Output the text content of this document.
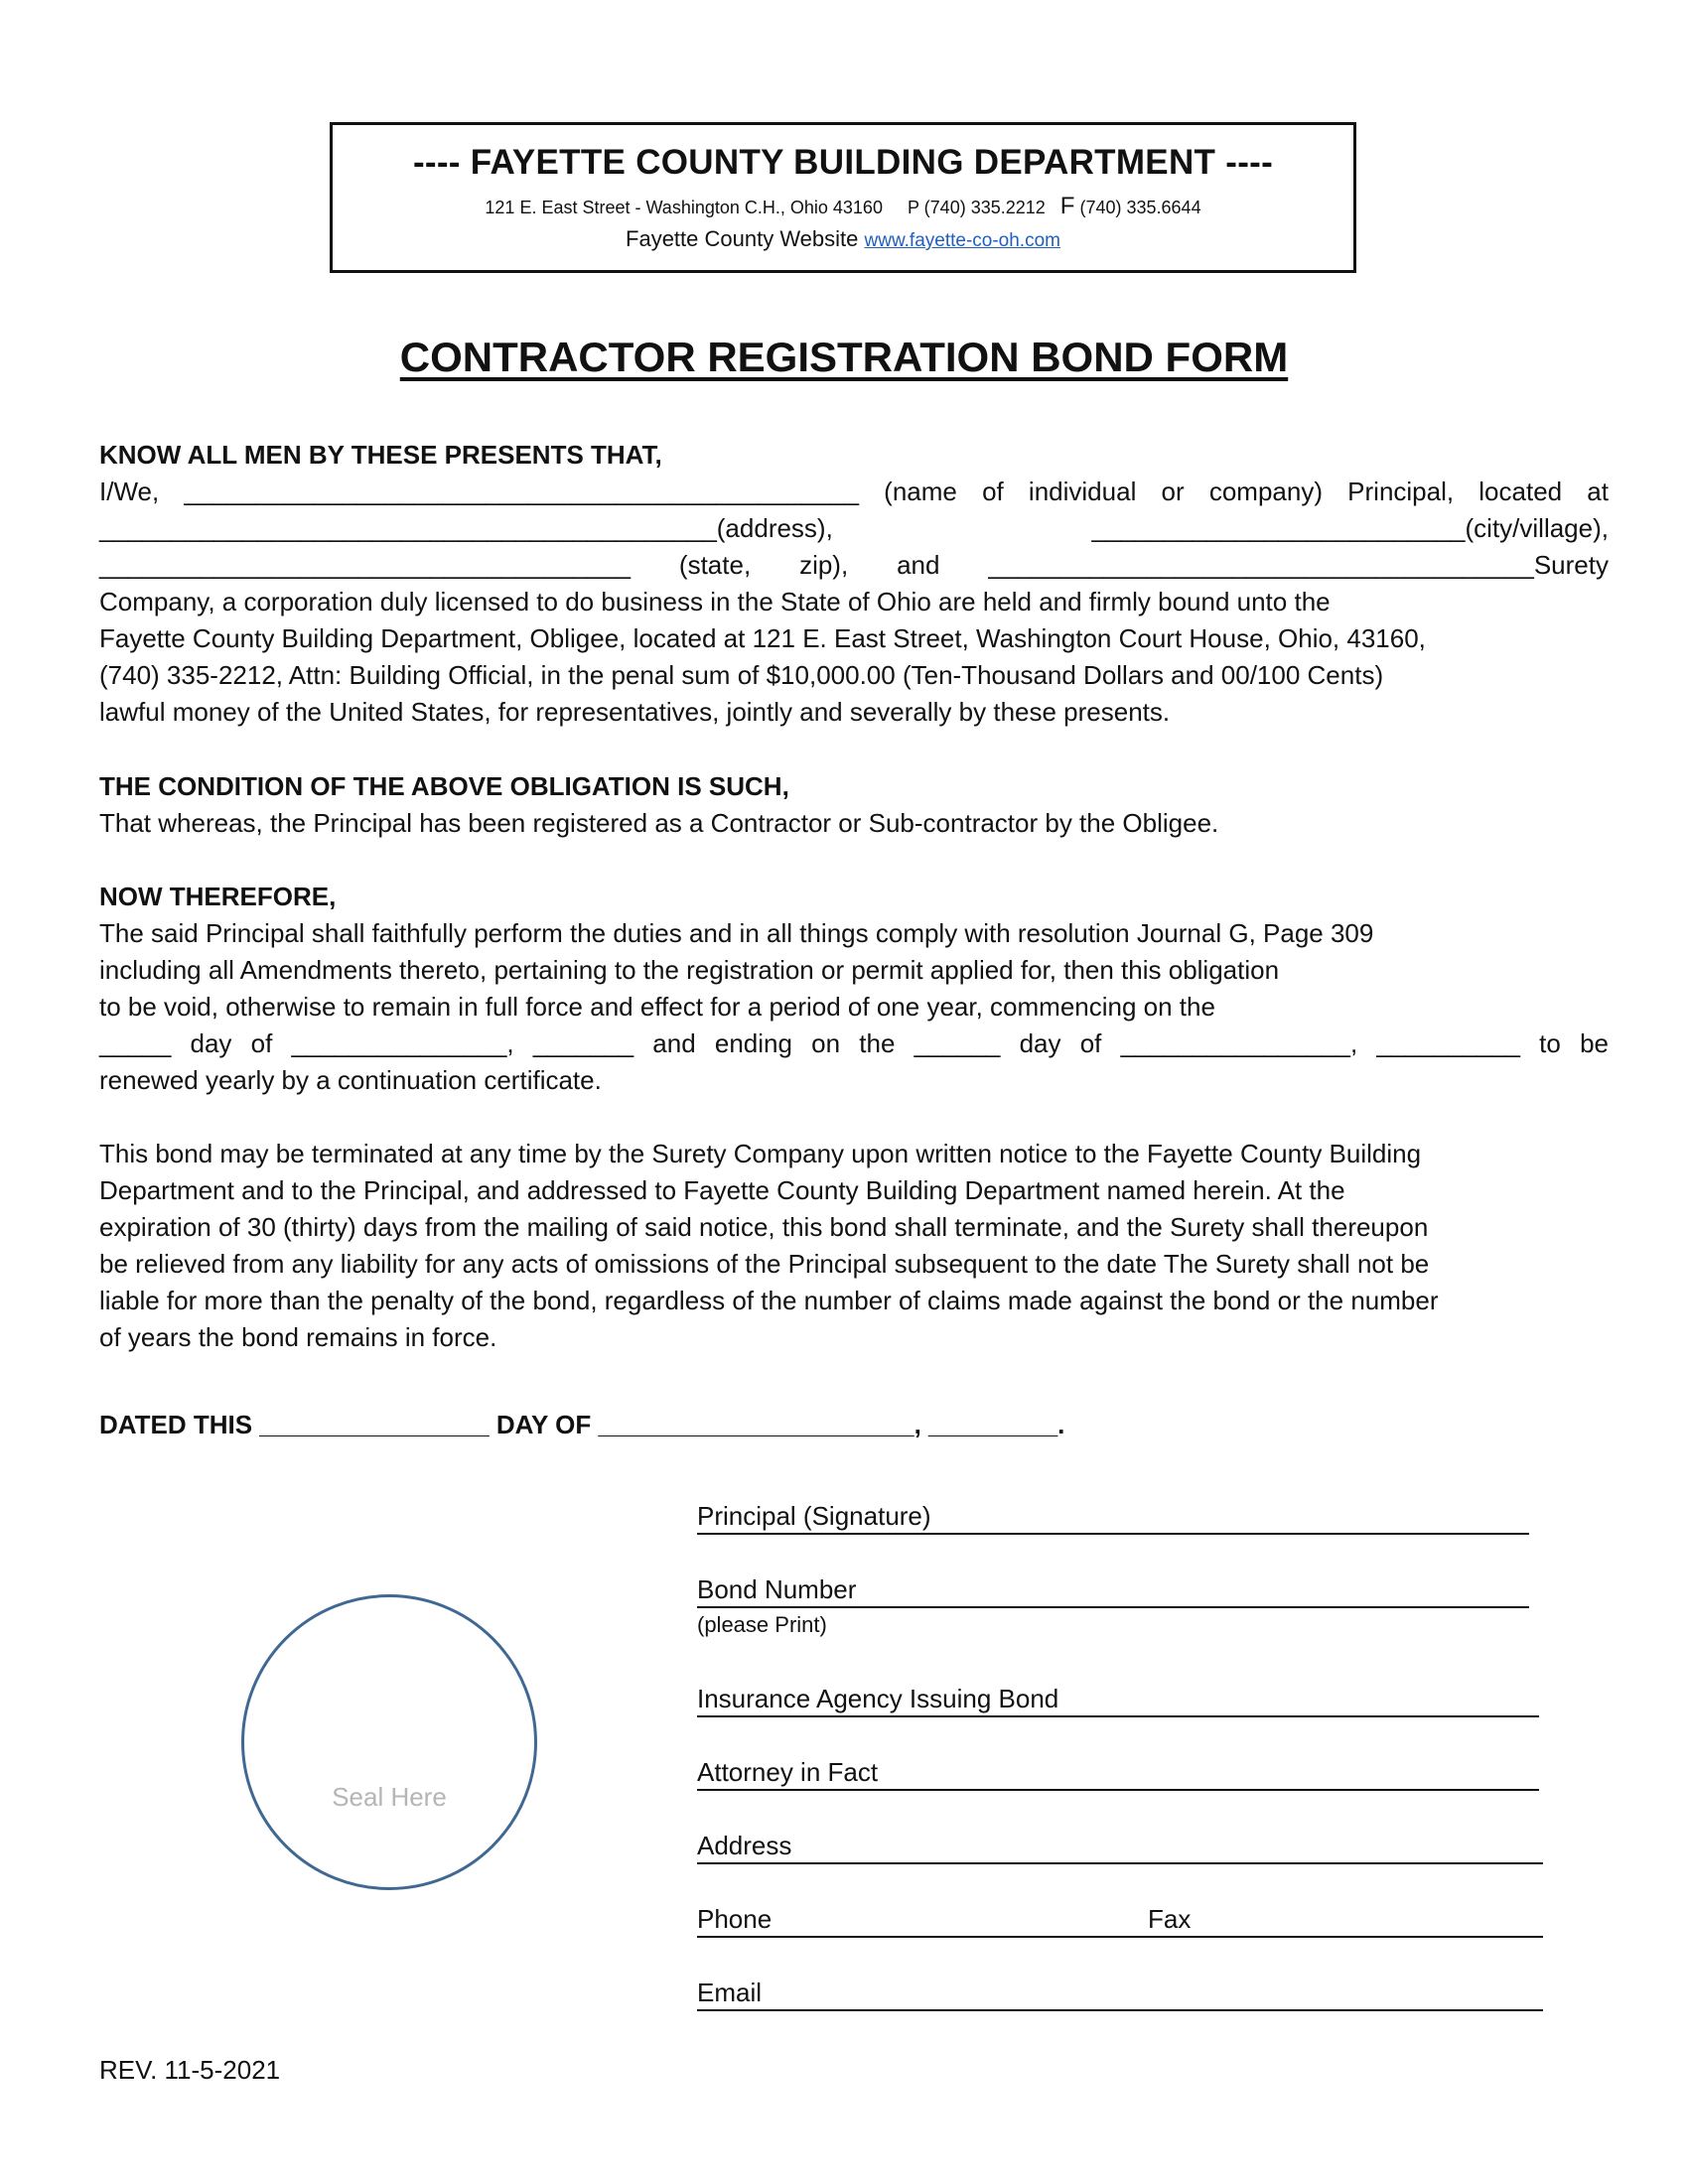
---- FAYETTE COUNTY BUILDING DEPARTMENT ----
121 E. East Street - Washington C.H., Ohio 43160 P (740) 335.2212 F (740) 335.6644
Fayette County Website www.fayette-co-oh.com
CONTRACTOR REGISTRATION BOND FORM
KNOW ALL MEN BY THESE PRESENTS THAT,
I/We, _______________________________________________ (name of individual or company) Principal, located at
___________________________________________(address), __________________________(city/village),
_____________________________________ (state, zip), and ______________________________________Surety
Company, a corporation duly licensed to do business in the State of Ohio are held and firmly bound unto the
Fayette County Building Department, Obligee, located at 121 E. East Street, Washington Court House, Ohio, 43160,
(740) 335-2212, Attn: Building Official, in the penal sum of $10,000.00 (Ten-Thousand Dollars and 00/100 Cents)
lawful money of the United States, for representatives, jointly and severally by these presents.
THE CONDITION OF THE ABOVE OBLIGATION IS SUCH,
That whereas, the Principal has been registered as a Contractor or Sub-contractor by the Obligee.
NOW THEREFORE,
The said Principal shall faithfully perform the duties and in all things comply with resolution Journal G, Page 309
including all Amendments thereto, pertaining to the registration or permit applied for, then this obligation
to be void, otherwise to remain in full force and effect for a period of one year, commencing on the
_____ day of _______________, _______ and ending on the ______ day of ________________, __________ to be
renewed yearly by a continuation certificate.
This bond may be terminated at any time by the Surety Company upon written notice to the Fayette County Building
Department and to the Principal, and addressed to Fayette County Building Department named herein. At the
expiration of 30 (thirty) days from the mailing of said notice, this bond shall terminate, and the Surety shall thereupon
be relieved from any liability for any acts of omissions of the Principal subsequent to the date The Surety shall not be
liable for more than the penalty of the bond, regardless of the number of claims made against the bond or the number
of years the bond remains in force.
DATED THIS ________________ DAY OF ______________________, _________.
Principal (Signature)
Bond Number
(please Print)
Insurance Agency Issuing Bond
Attorney in Fact
Address
Phone	Fax
Email
Seal Here
REV. 11-5-2021
